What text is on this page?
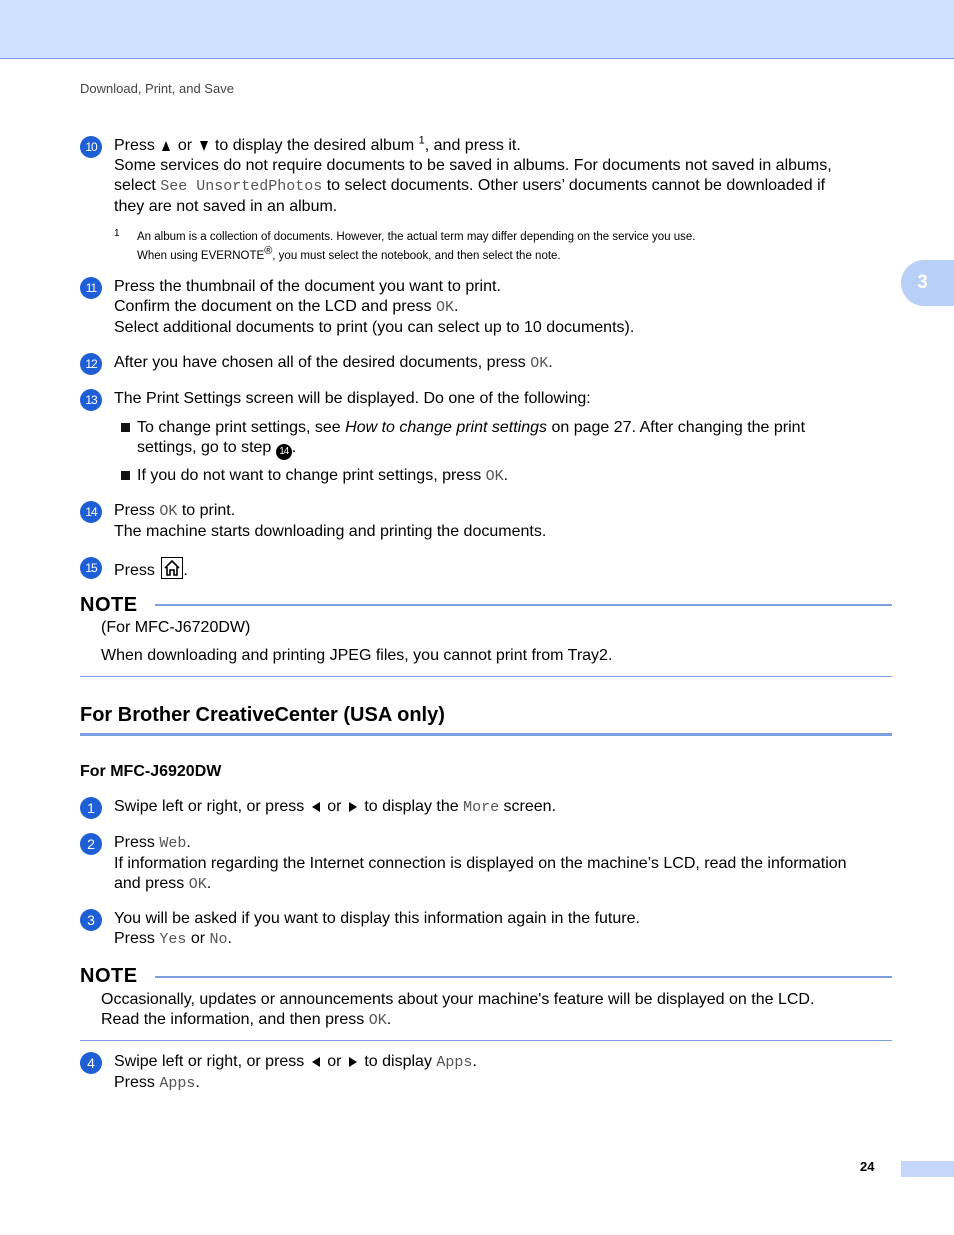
Download, Print, and Save
3
10	Press or to display the desired album $^1$, and press it.
Some services do not require documents to be saved in albums. For documents not saved in albums,
select See UnsortedPhotos to select documents. Other users’ documents cannot be downloaded if
they are not saved in an album.
1 An album is a collection of documents. However, the actual term may differ depending on the service you use.
When using EVERNOTE®, you must select the notebook, and then select the note.
11	Press the thumbnail of the document you want to print.
Confirm the document on the LCD and press OK.
Select additional documents to print (you can select up to 10 documents).
12	After you have chosen all of the desired documents, press OK.
13	The Print Settings screen will be displayed. Do one of the following:
To change print settings, see How to change print settings on page 27. After changing the print
settings, go to step 14 .
If you do not want to change print settings, press OK.
14	Press OK to print.
The machine starts downloading and printing the documents.
15	Press .
NOTE
(For MFC-J6720DW)

When downloading and printing JPEG files, you cannot print from Tray2.
For Brother CreativeCenter (USA only)
For MFC-J6920DW
1	Swipe left or right, or press or to display the More screen.
2	Press Web.
If information regarding the Internet connection is displayed on the machine’s LCD, read the information
and press OK.
3	You will be asked if you want to display this information again in the future.
Press Yes or No.
NOTE
Occasionally, updates or announcements about your machine's feature will be displayed on the LCD.
Read the information, and then press OK.
4	Swipe left or right, or press or to display Apps.
Press Apps.
24
